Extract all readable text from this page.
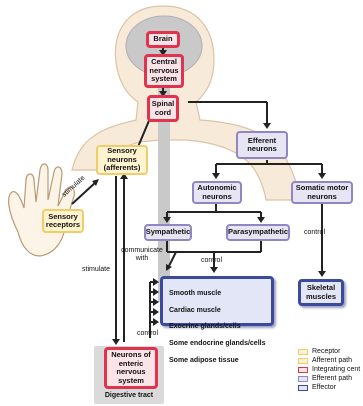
Brain
Central
nervous
system
Spinal
cord
Sensory
neurons
(afferents)
Sensory
receptors
Efferent
neurons
Autonomic
neurons
Somatic motor
neurons
Sympathetic	Parasympathetic

Smooth muscle

Cardiac muscle

Exocrine glands/cells

Some endocrine glands/cells

Some adipose tissue

Skeletal
muscles
Neurons of
enteric
nervous
system
Digestive tract
stimulate
stimulate
communicate
with	control
control
control
Receptor
Afferent path
Integrating cent
Efferent path
Effector
